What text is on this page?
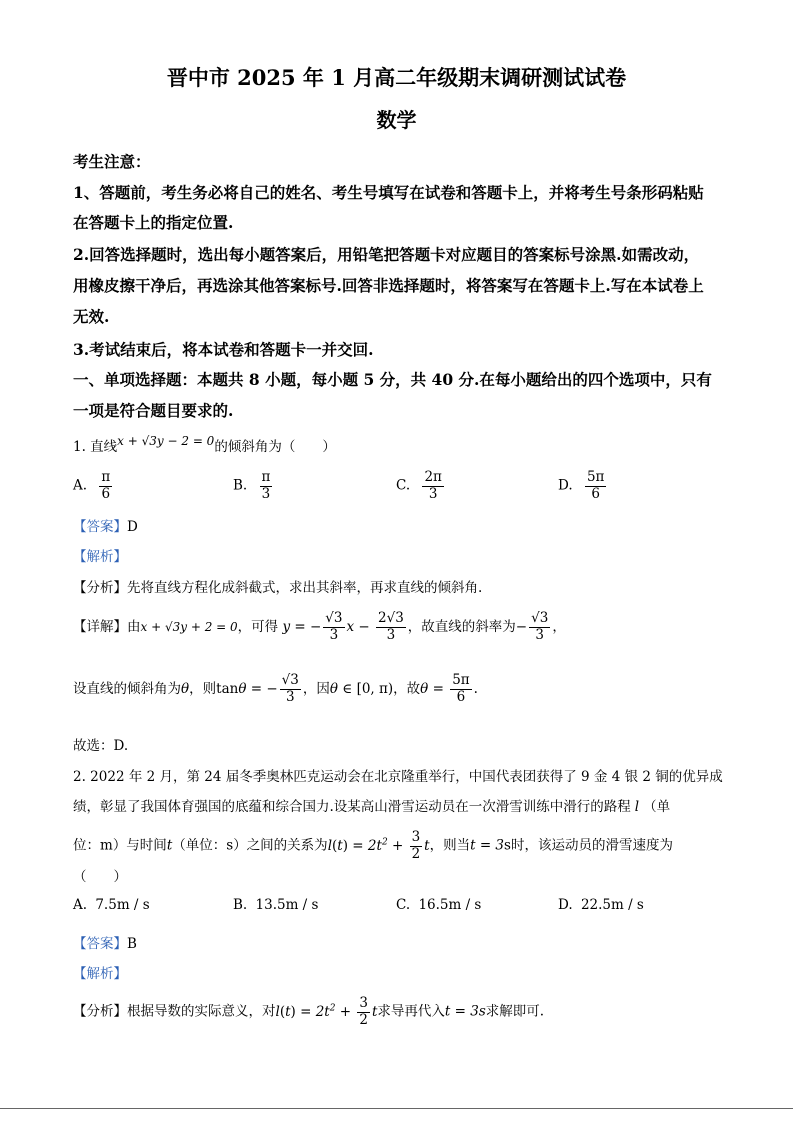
晋中市 2025 年 1 月高二年级期末调研测试试卷
数学
考生注意：
1、答题前，考生务必将自己的姓名、考生号填写在试卷和答题卡上，并将考生号条形码粘贴
在答题卡上的指定位置.
2.回答选择题时，选出每小题答案后，用铅笔把答题卡对应题目的答案标号涂黑.如需改动，
用橡皮擦干净后，再选涂其他答案标号.回答非选择题时，将答案写在答题卡上.写在本试卷上
无效.
3.考试结束后，将本试卷和答题卡一并交回.
一、单项选择题：本题共 8 小题，每小题 5 分，共 40 分.在每小题给出的四个选项中，只有
一项是符合题目要求的.
1. 直线x + √3y − 2 = 0的倾斜角为（　　）
A. $\frac{\pi}{6}$	B. $\frac{\pi}{3}$	C. $\frac{2\pi}{3}$	D. $\frac{5\pi}{6}$
【答案】D
【解析】
【分析】先将直线方程化成斜截式，求出其斜率，再求直线的倾斜角.
【详解】由x + √3y + 2 = 0，可得 y = − $\frac{√3}{3}$ $x - \frac{2√3}{3}$ ，故直线的斜率为− $\frac{√3}{3}$ ，
设直线的倾斜角为θ，则tanθ = − $\frac{√3}{3}$ ，因θ ∈ [0, π)，故$\theta = \frac{5\pi}{6}$ .
故选：D.
2. 2022 年 2 月，第 24 届冬季奥林匹克运动会在北京隆重举行，中国代表团获得了 9 金 4 银 2 铜的优异成
绩，彰显了我国体育强国的底蕴和综合国力.设某高山滑雪运动员在一次滑雪训练中滑行的路程 l （单
位：m）与时间t（单位：s）之间的关系为$l(t) = 2t^2 + \frac{3}{2}$ t，则当t = 3s时，该运动员的滑雪速度为
（　　）
A. 7.5m / s	B. 13.5m / s	C. 16.5m / s	D. 22.5m / s
【答案】B
【解析】
【分析】根据导数的实际意义，对$l(t) = 2t^2 + \frac{3}{2}$ t求导再代入t = 3s求解即可.
